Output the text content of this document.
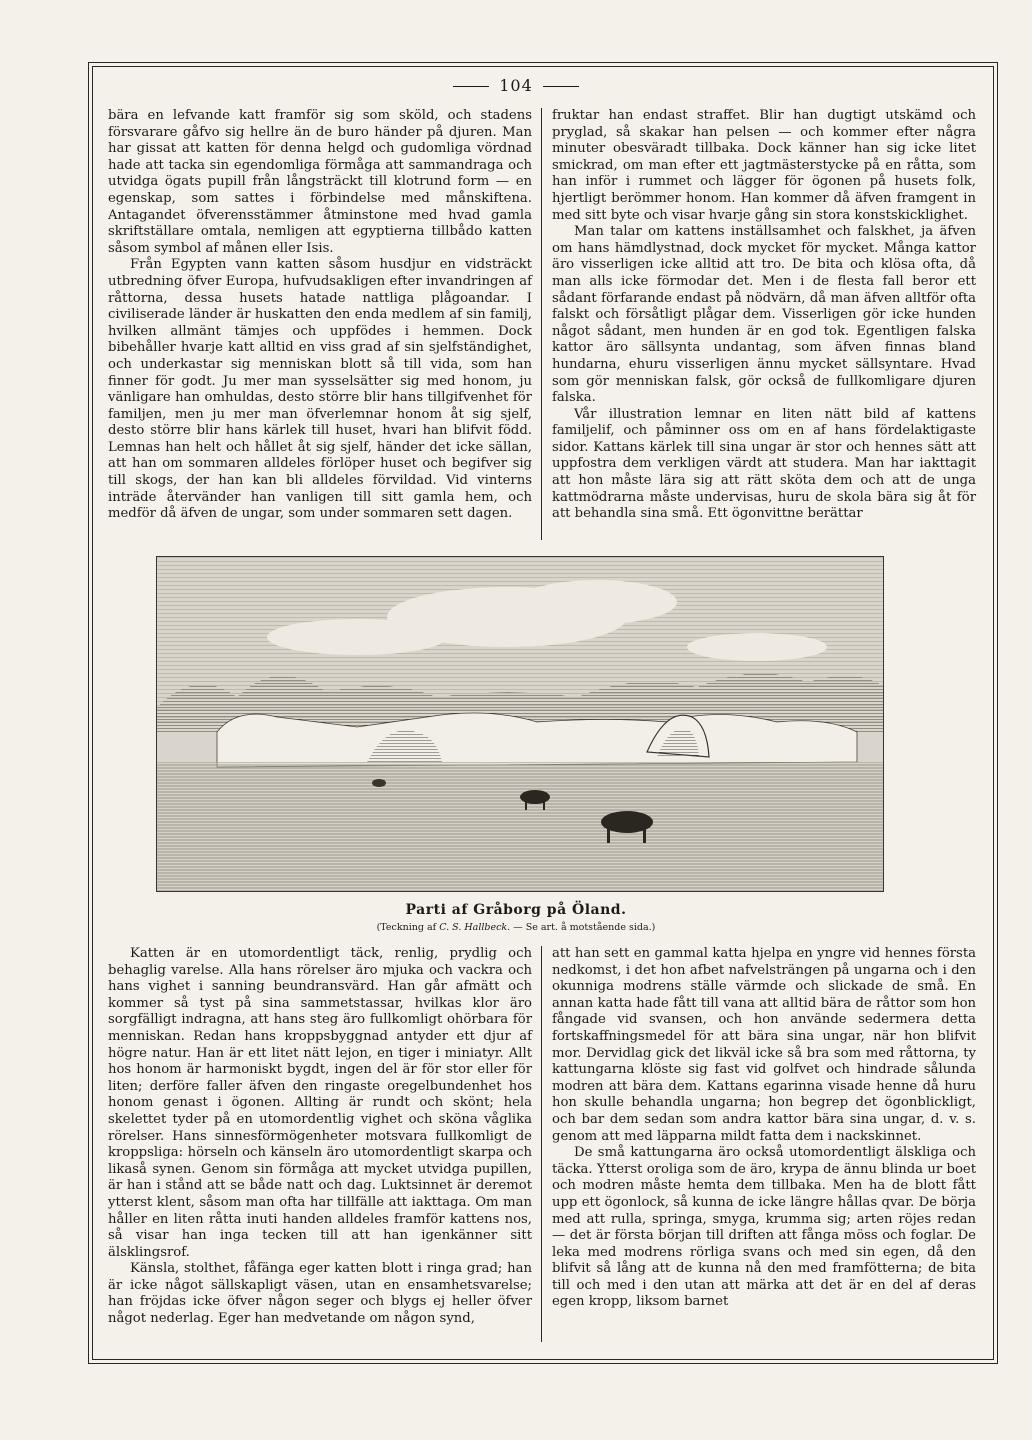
104

bära en lefvande katt framför sig som sköld, och stadens försvarare gåfvo sig hellre än de buro händer på djuren. Man har gissat att katten för denna helgd och gudomliga vördnad hade att tacka sin egendomliga förmåga att sammandraga och utvidga ögats pupill från långsträckt till klotrund form — en egenskap, som sattes i förbindelse med månskiftena. Antagandet öfverensstämmer åtminstone med hvad gamla skriftställare omtala, nemligen att egyptierna tillbådo katten såsom symbol af månen eller Isis.

Från Egypten vann katten såsom husdjur en vidsträckt utbredning öfver Europa, hufvudsakligen efter invandringen af råttorna, dessa husets hatade nattliga plågoandar. I civiliserade länder är huskatten den enda medlem af sin familj, hvilken allmänt tämjes och uppfödes i hemmen. Dock bibehåller hvarje katt alltid en viss grad af sin sjelfständighet, och underkastar sig menniskan blott så till vida, som han finner för godt. Ju mer man sysselsätter sig med honom, ju vänligare han omhuldas, desto större blir hans tillgifvenhet för familjen, men ju mer man öfverlemnar honom åt sig sjelf, desto större blir hans kärlek till huset, hvari han blifvit född. Lemnas han helt och hållet åt sig sjelf, händer det icke sällan, att han om sommaren alldeles förlöper huset och begifver sig till skogs, der han kan bli alldeles förvildad. Vid vinterns inträde återvänder han vanligen till sitt gamla hem, och medför då äfven de ungar, som under sommaren sett dagen.

fruktar han endast straffet. Blir han dugtigt utskämd och pryglad, så skakar han pelsen — och kommer efter några minuter obesväradt tillbaka. Dock känner han sig icke litet smickrad, om man efter ett jagtmästerstycke på en råtta, som han inför i rummet och lägger för ögonen på husets folk, hjertligt berömmer honom. Han kommer då äfven framgent in med sitt byte och visar hvarje gång sin stora konstskicklighet.

Man talar om kattens inställsamhet och falskhet, ja äfven om hans hämdlystnad, dock mycket för mycket. Många kattor äro visserligen icke alltid att tro. De bita och klösa ofta, då man alls icke förmodar det. Men i de flesta fall beror ett sådant förfarande endast på nödvärn, då man äfven alltför ofta falskt och försåtligt plågar dem. Visserligen gör icke hunden något sådant, men hunden är en god tok. Egentligen falska kattor äro sällsynta undantag, som äfven finnas bland hundarna, ehuru visserligen ännu mycket sällsyntare. Hvad som gör menniskan falsk, gör också de fullkomligare djuren falska.

Vår illustration lemnar en liten nätt bild af kattens familjelif, och påminner oss om en af hans fördelaktigaste sidor. Kattans kärlek till sina ungar är stor och hennes sätt att uppfostra dem verkligen värdt att studera. Man har iakttagit att hon måste lära sig att rätt sköta dem och att de unga kattmödrarna måste undervisas, huru de skola bära sig åt för att behandla sina små. Ett ögonvittne berättar

Parti af Gråborg på Öland.
(Teckning af C. S. Hallbeck. — Se art. å motstående sida.)

Katten är en utomordentligt täck, renlig, prydlig och behaglig varelse. Alla hans rörelser äro mjuka och vackra och hans vighet i sanning beundransvärd. Han går afmätt och kommer så tyst på sina sammetstassar, hvilkas klor äro sorgfälligt indragna, att hans steg äro fullkomligt ohörbara för menniskan. Redan hans kroppsbyggnad antyder ett djur af högre natur. Han är ett litet nätt lejon, en tiger i miniatyr. Allt hos honom är harmoniskt bygdt, ingen del är för stor eller för liten; derföre faller äfven den ringaste oregelbundenhet hos honom genast i ögonen. Allting är rundt och skönt; hela skelettet tyder på en utomordentlig vighet och sköna våglika rörelser. Hans sinnesförmögenheter motsvara fullkomligt de kroppsliga: hörseln och känseln äro utomordentligt skarpa och likaså synen. Genom sin förmåga att mycket utvidga pupillen, är han i stånd att se både natt och dag. Luktsinnet är deremot ytterst klent, såsom man ofta har tillfälle att iakttaga. Om man håller en liten råtta inuti handen alldeles framför kattens nos, så visar han inga tecken till att han igenkänner sitt älsklingsrof.

Känsla, stolthet, fåfänga eger katten blott i ringa grad; han är icke något sällskapligt väsen, utan en ensamhetsvarelse; han fröjdas icke öfver någon seger och blygs ej heller öfver något nederlag. Eger han medvetande om någon synd,

att han sett en gammal katta hjelpa en yngre vid hennes första nedkomst, i det hon afbet nafvelsträngen på ungarna och i den okunniga modrens ställe värmde och slickade de små. En annan katta hade fått till vana att alltid bära de råttor som hon fångade vid svansen, och hon använde sedermera detta fortskaffningsmedel för att bära sina ungar, när hon blifvit mor. Dervidlag gick det likväl icke så bra som med råttorna, ty kattungarna klöste sig fast vid golfvet och hindrade sålunda modren att bära dem. Kattans egarinna visade henne då huru hon skulle behandla ungarna; hon begrep det ögonblickligt, och bar dem sedan som andra kattor bära sina ungar, d. v. s. genom att med läpparna mildt fatta dem i nackskinnet.

De små kattungarna äro också utomordentligt älskliga och täcka. Ytterst oroliga som de äro, krypa de ännu blinda ur boet och modren måste hemta dem tillbaka. Men ha de blott fått upp ett ögonlock, så kunna de icke längre hållas qvar. De börja med att rulla, springa, smyga, krumma sig; arten röjes redan — det är första början till driften att fånga möss och foglar. De leka med modrens rörliga svans och med sin egen, då den blifvit så lång att de kunna nå den med framfötterna; de bita till och med i den utan att märka att det är en del af deras egen kropp, liksom barnet
